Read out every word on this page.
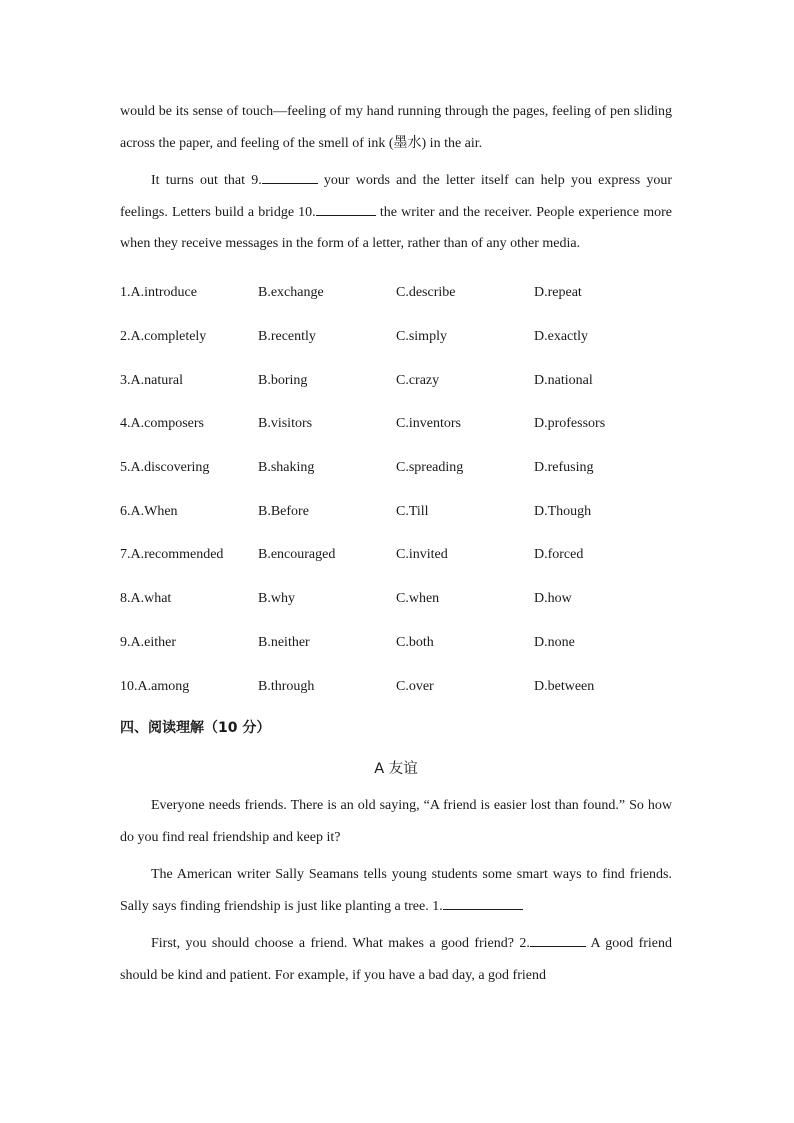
would be its sense of touch—feeling of my hand running through the pages, feeling of pen sliding across the paper, and feeling of the smell of ink (墨水) in the air.

It turns out that 9.	your words and the letter itself can help you express your feelings. Letters build a bridge 10.	the writer and the receiver. People experience more when they receive messages in the form of a letter, rather than of any other media.

1.A.introduce	B.exchange	C.describe	D.repeat
2.A.completely	B.recently	C.simply	D.exactly
3.A.natural	B.boring	C.crazy	D.national
4.A.composers	B.visitors	C.inventors	D.professors
5.A.discovering	B.shaking	C.spreading	D.refusing
6.A.When	B.Before	C.Till	D.Though
7.A.recommended	B.encouraged	C.invited	D.forced
8.A.what	B.why	C.when	D.how
9.A.either	B.neither	C.both	D.none
10.A.among	B.through	C.over	D.between
四、阅读理解（10 分）
A 友谊

Everyone needs friends. There is an old saying, “A friend is easier lost than found.” So how do you find real friendship and keep it?

The American writer Sally Seamans tells young students some smart ways to find friends. Sally says finding friendship is just like planting a tree. 1.

First, you should choose a friend. What makes a good friend? 2.	A good friend should be kind and patient. For example, if you have a bad day, a god friend
